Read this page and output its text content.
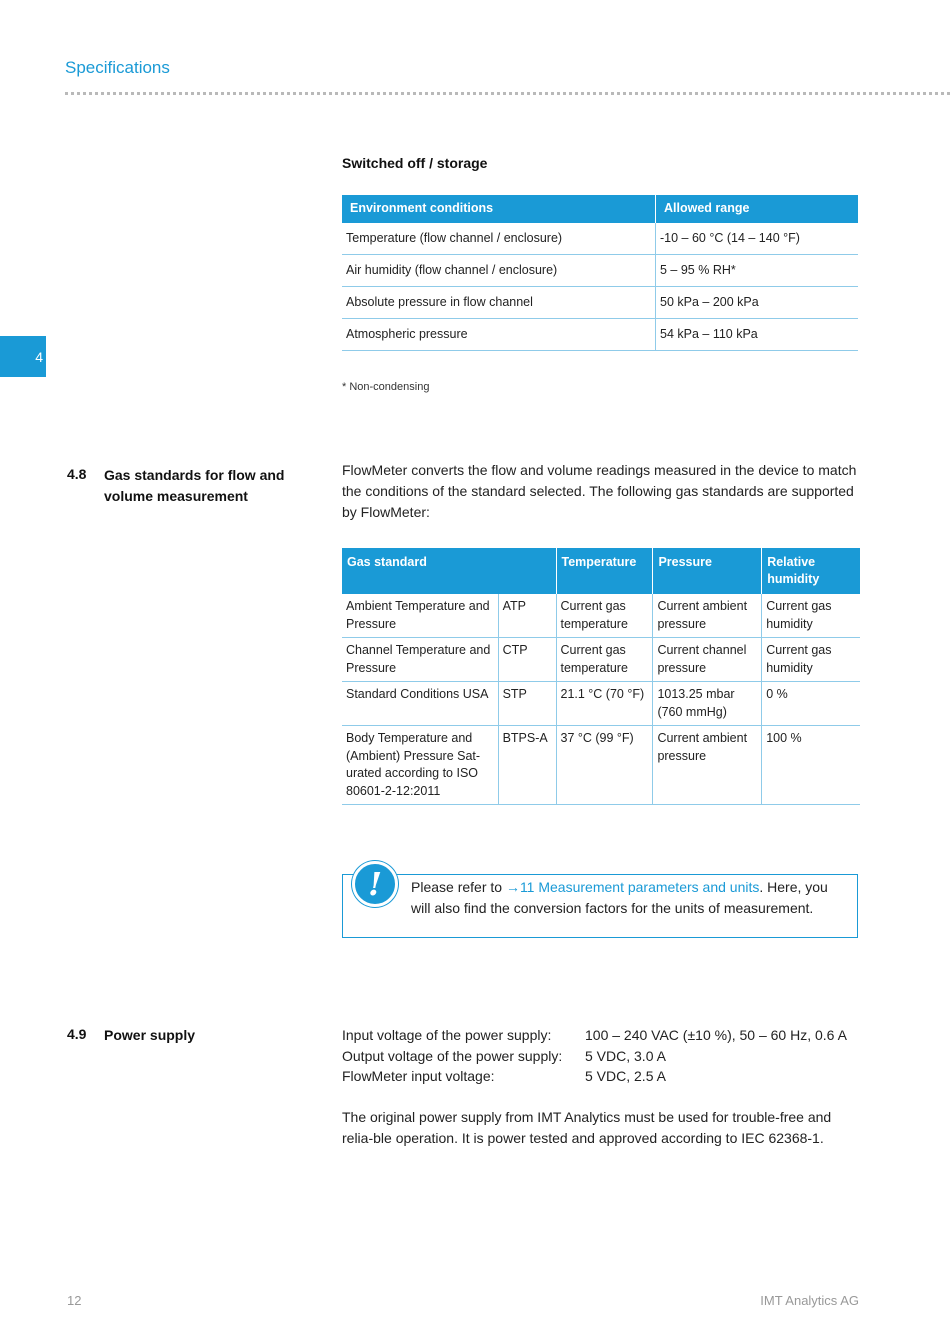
Specifications
4
Switched off / storage
Environment conditions	Allowed range
Temperature (flow channel / enclosure)	-10 – 60 °C (14 – 140 °F)
Air humidity (flow channel / enclosure)	5 – 95 % RH*
Absolute pressure in flow channel	50 kPa – 200 kPa
Atmospheric pressure	54 kPa – 110 kPa
* Non-condensing
4.8 Gas standards for flow and volume measurement
FlowMeter converts the flow and volume readings measured in the device to match the conditions of the standard selected. The following gas standards are supported by FlowMeter:
Gas standard		Temperature	Pressure	Relative humidity
Ambient Temperature and Pressure	ATP	Current gas temperature	Current ambient pressure	Current gas humidity
Channel Temperature and Pressure	CTP	Current gas temperature	Current channel pressure	Current gas humidity
Standard Conditions USA	STP	21.1 °C (70 °F)	1013.25 mbar (760 mmHg)	0 %
Body Temperature and (Ambient) Pressure Sat-urated according to ISO 80601-2-12:2011	BTPS-A	37 °C (99 °F)	Current ambient pressure	100 %
!	Please refer to →11 Measurement parameters and units. Here, you will also find the conversion factors for the units of measurement.
4.9 Power supply	Input voltage of the power supply:	100 – 240 VAC (±10 %), 50 – 60 Hz, 0.6 A
Output voltage of the power supply:	5 VDC, 3.0 A
FlowMeter input voltage:	5 VDC, 2.5 A
The original power supply from IMT Analytics must be used for trouble-free and relia-ble operation. It is power tested and approved according to IEC 62368-1.
12	IMT Analytics AG
